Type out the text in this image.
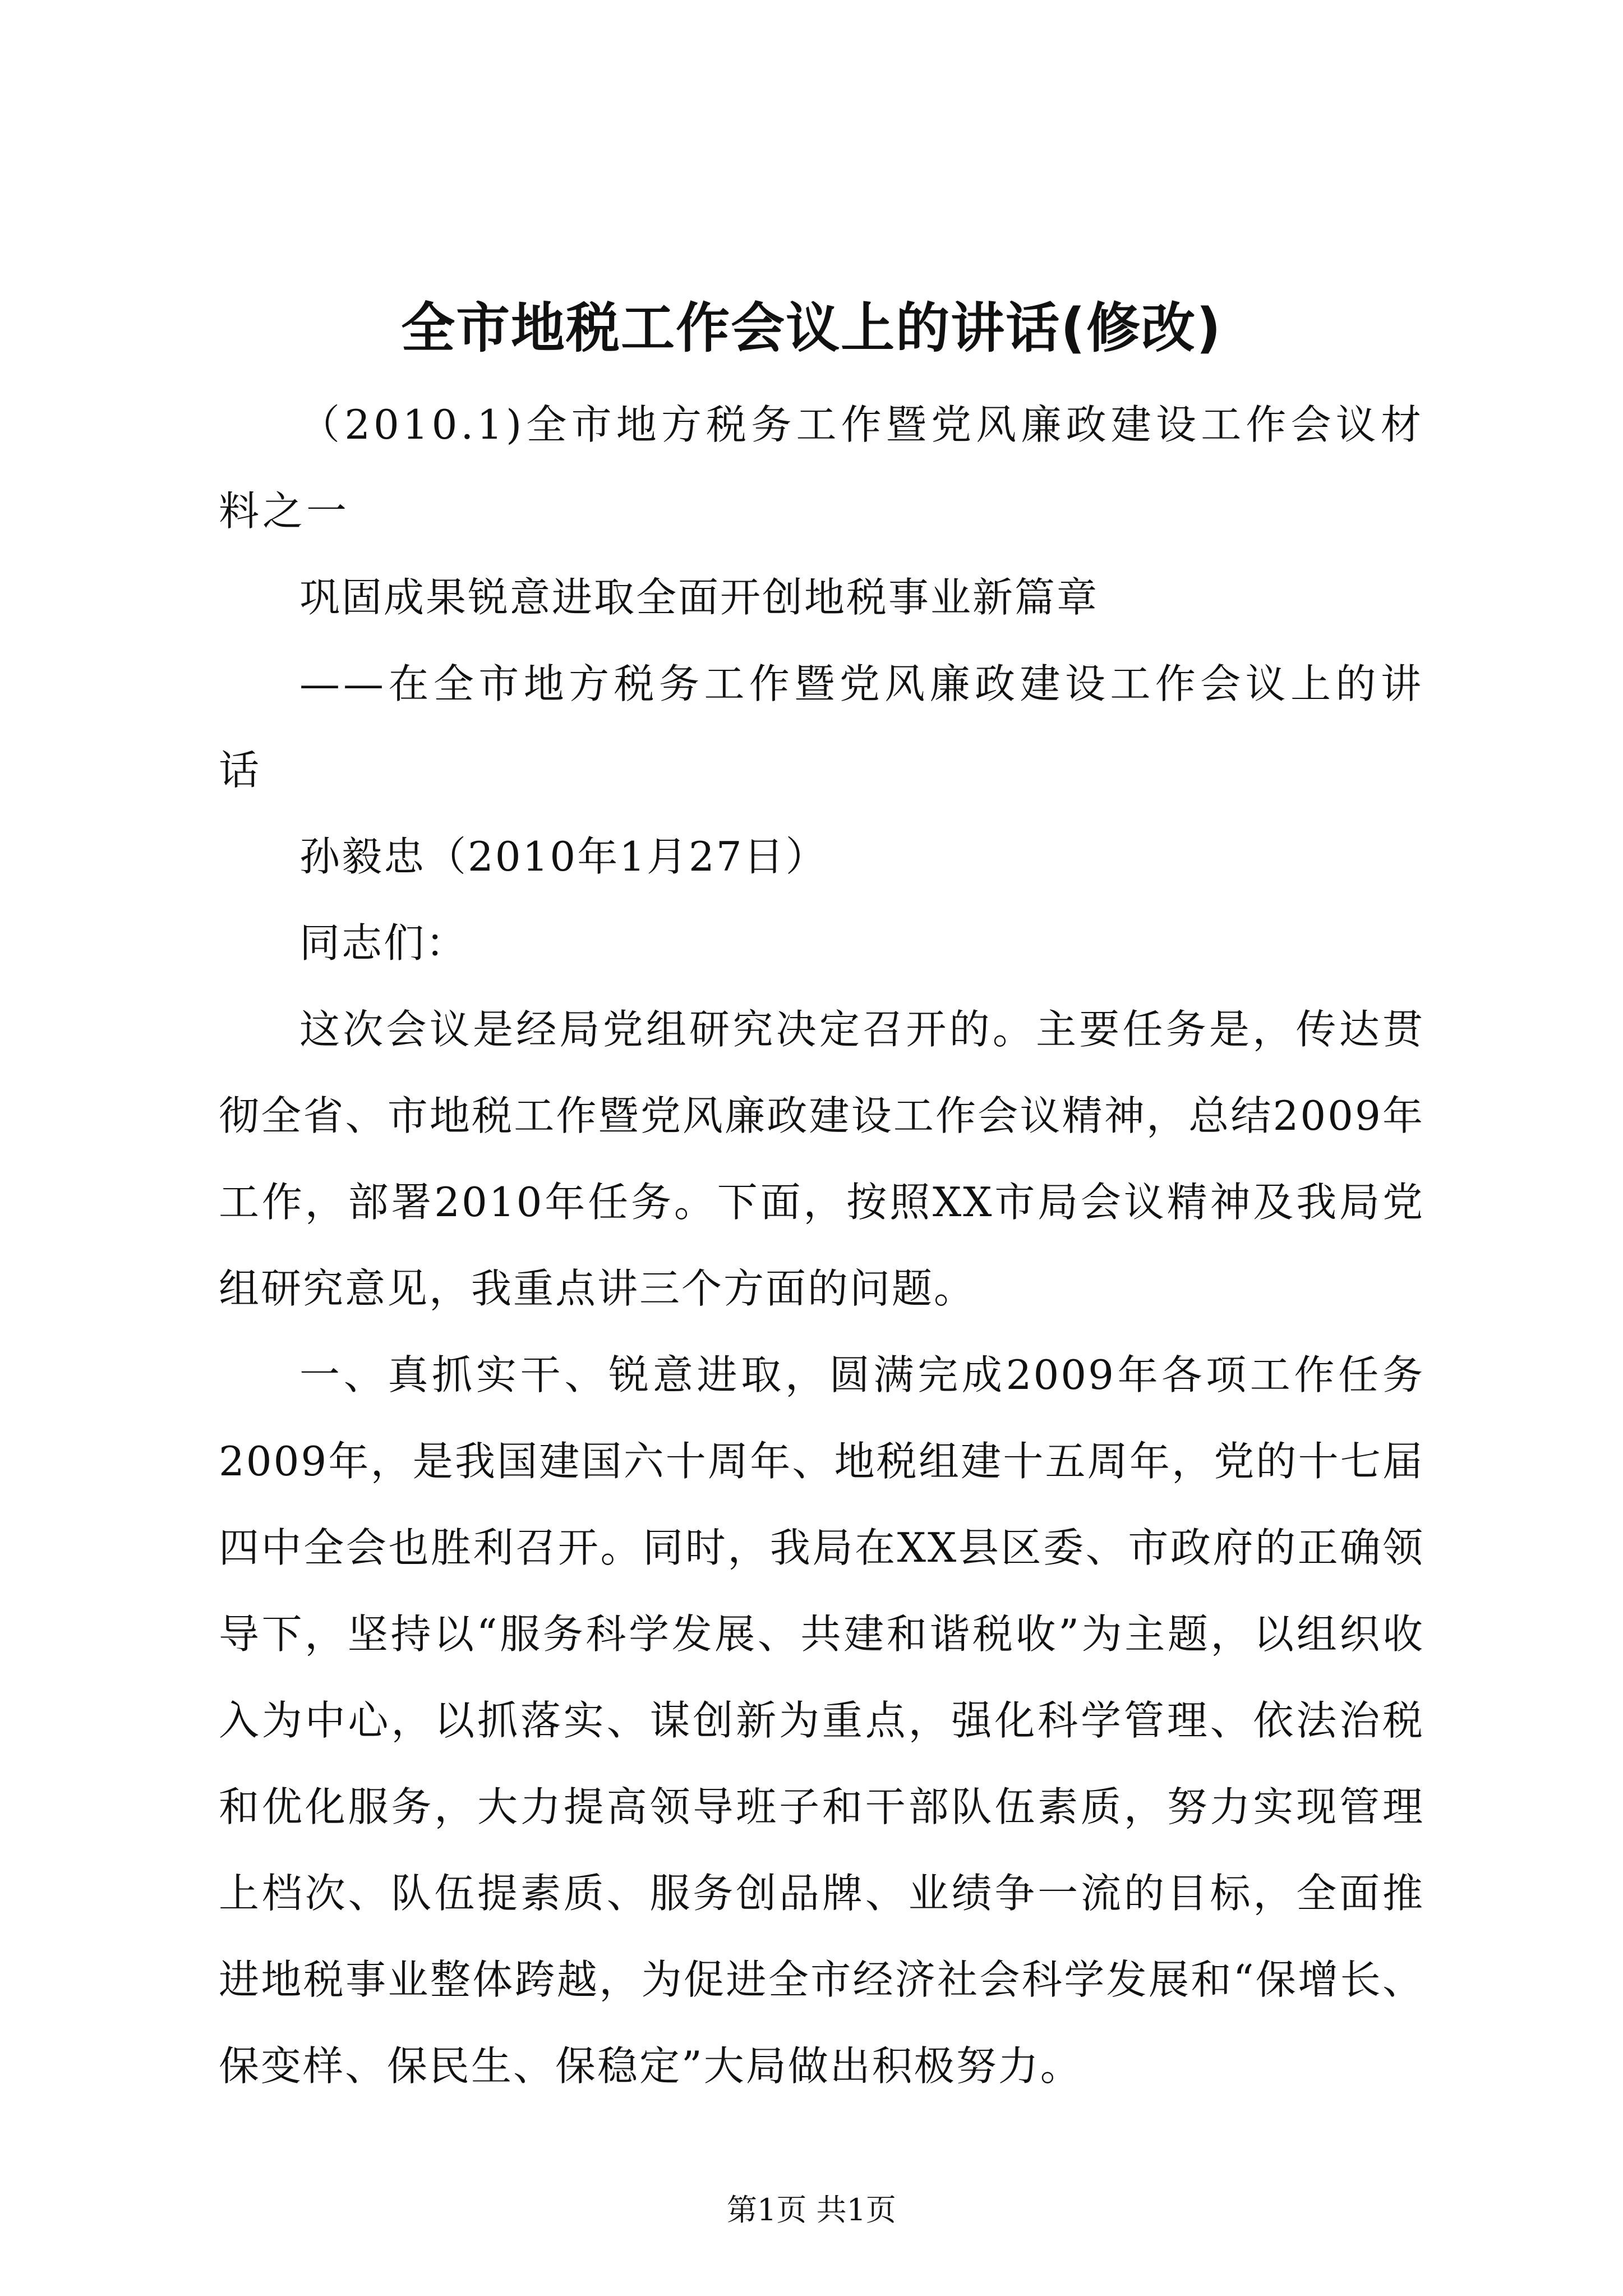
全市地税工作会议上的讲话(修改)

（2010.1)全市地方税务工作暨党风廉政建设工作会议材料之一

巩固成果锐意进取全面开创地税事业新篇章

——在全市地方税务工作暨党风廉政建设工作会议上的讲话

孙毅忠（2010年1月27日）

同志们：

这次会议是经局党组研究决定召开的。主要任务是，传达贯彻全省、市地税工作暨党风廉政建设工作会议精神，总结2009年工作，部署2010年任务。下面，按照XX市局会议精神及我局党组研究意见，我重点讲三个方面的问题。

一、真抓实干、锐意进取，圆满完成2009年各项工作任务2009年，是我国建国六十周年、地税组建十五周年，党的十七届四中全会也胜利召开。同时，我局在XX县区委、市政府的正确领导下，坚持以“服务科学发展、共建和谐税收”为主题，以组织收入为中心，以抓落实、谋创新为重点，强化科学管理、依法治税和优化服务，大力提高领导班子和干部队伍素质，努力实现管理上档次、队伍提素质、服务创品牌、业绩争一流的目标，全面推进地税事业整体跨越，为促进全市经济社会科学发展和“保增长、保变样、保民生、保稳定”大局做出积极努力。

第1页 共1页
